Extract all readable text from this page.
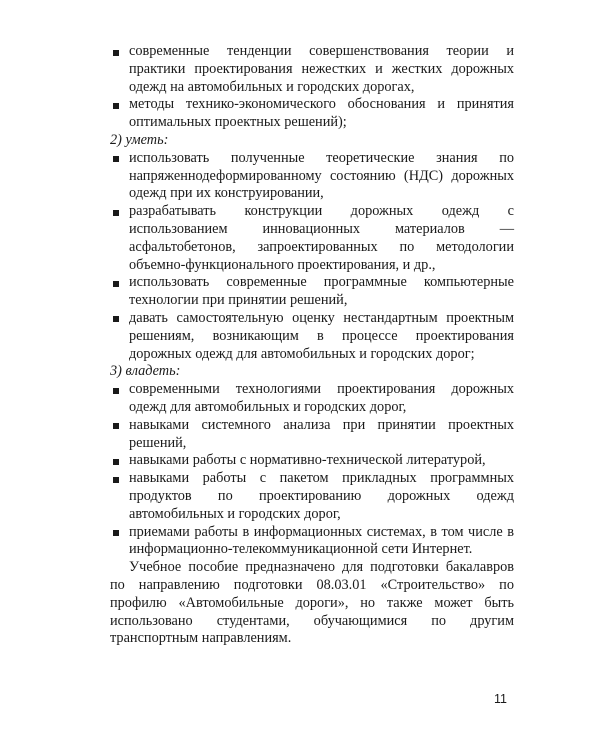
современные тенденции совершенствования теории и практики проектирования нежестких и жестких дорожных одежд на автомобильных и городских дорогах,
методы технико-экономического обоснования и принятия оптимальных проектных решений);

2) уметь:

использовать полученные теоретические знания по напряженнодеформированному состоянию (НДС) дорожных одежд при их конструировании,
разрабатывать конструкции дорожных одежд с использованием инновационных материалов — асфальтобетонов, запроектированных по методологии объемно-функционального проектирования, и др.,
использовать современные программные компьютерные технологии при принятии решений,
давать самостоятельную оценку нестандартным проектным решениям, возникающим в процессе проектирования дорожных одежд для автомобильных и городских дорог;

3) владеть:

современными технологиями проектирования дорожных одежд для автомобильных и городских дорог,
навыками системного анализа при принятии проектных решений,
навыками работы с нормативно-технической литературой,
навыками работы с пакетом прикладных программных продуктов по проектированию дорожных одежд автомобильных и городских дорог,
приемами работы в информационных системах, в том числе в информационно-телекоммуникационной сети Интернет.

Учебное пособие предназначено для подготовки бакалавров по направлению подготовки 08.03.01 «Строительство» по профилю «Автомобильные дороги», но также может быть использовано студентами, обучающимися по другим транспортным направлениям.

11
